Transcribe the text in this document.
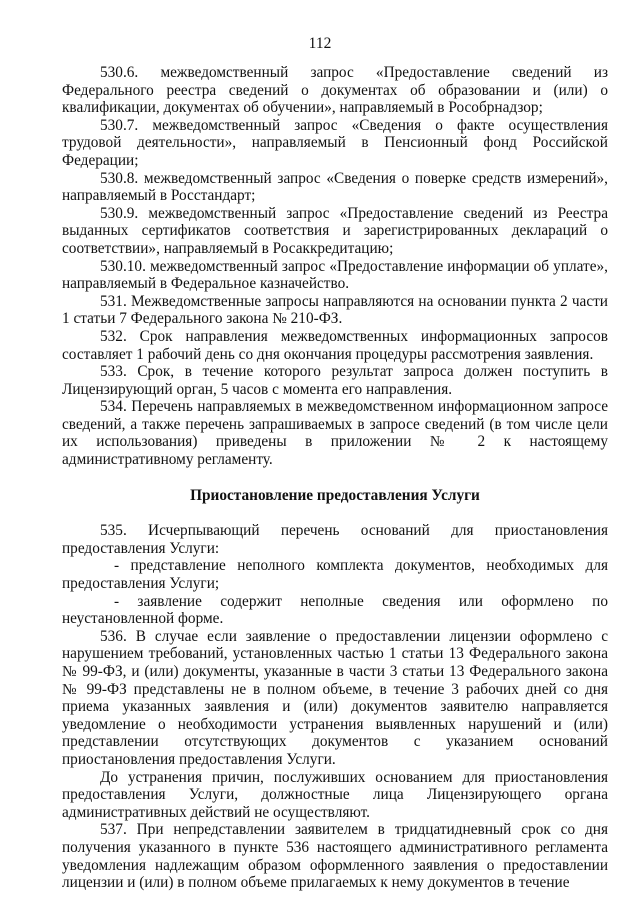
112

530.6. межведомственный запрос «Предоставление сведений из Федерального реестра сведений о документах об образовании и (или) о квалификации, документах об обучении», направляемый в Рособрнадзор;

530.7. межведомственный запрос «Сведения о факте осуществления трудовой деятельности», направляемый в Пенсионный фонд Российской Федерации;

530.8. межведомственный запрос «Сведения о поверке средств измерений», направляемый в Росстандарт;

530.9. межведомственный запрос «Предоставление сведений из Реестра выданных сертификатов соответствия и зарегистрированных деклараций о соответствии», направляемый в Росаккредитацию;

530.10. межведомственный запрос «Предоставление информации об уплате», направляемый в Федеральное казначейство.

531. Межведомственные запросы направляются на основании пункта 2 части 1 статьи 7 Федерального закона № 210-ФЗ.

532. Срок направления межведомственных информационных запросов составляет 1 рабочий день со дня окончания процедуры рассмотрения заявления.

533. Срок, в течение которого результат запроса должен поступить в Лицензирующий орган, 5 часов с момента его направления.

534. Перечень направляемых в межведомственном информационном запросе сведений, а также перечень запрашиваемых в запросе сведений (в том числе цели их использования) приведены в приложении № 2 к настоящему административному регламенту.

Приостановление предоставления Услуги

535. Исчерпывающий перечень оснований для приостановления предоставления Услуги:

- представление неполного комплекта документов, необходимых для предоставления Услуги;

- заявление содержит неполные сведения или оформлено по неустановленной форме.

536. В случае если заявление о предоставлении лицензии оформлено с нарушением требований, установленных частью 1 статьи 13 Федерального закона № 99-ФЗ, и (или) документы, указанные в части 3 статьи 13 Федерального закона № 99-ФЗ представлены не в полном объеме, в течение 3 рабочих дней со дня приема указанных заявления и (или) документов заявителю направляется уведомление о необходимости устранения выявленных нарушений и (или) представлении отсутствующих документов с указанием оснований приостановления предоставления Услуги.

До устранения причин, послуживших основанием для приостановления предоставления Услуги, должностные лица Лицензирующего органа административных действий не осуществляют.

537. При непредставлении заявителем в тридцатидневный срок со дня получения указанного в пункте 536 настоящего административного регламента уведомления надлежащим образом оформленного заявления о предоставлении лицензии и (или) в полном объеме прилагаемых к нему документов в течение
